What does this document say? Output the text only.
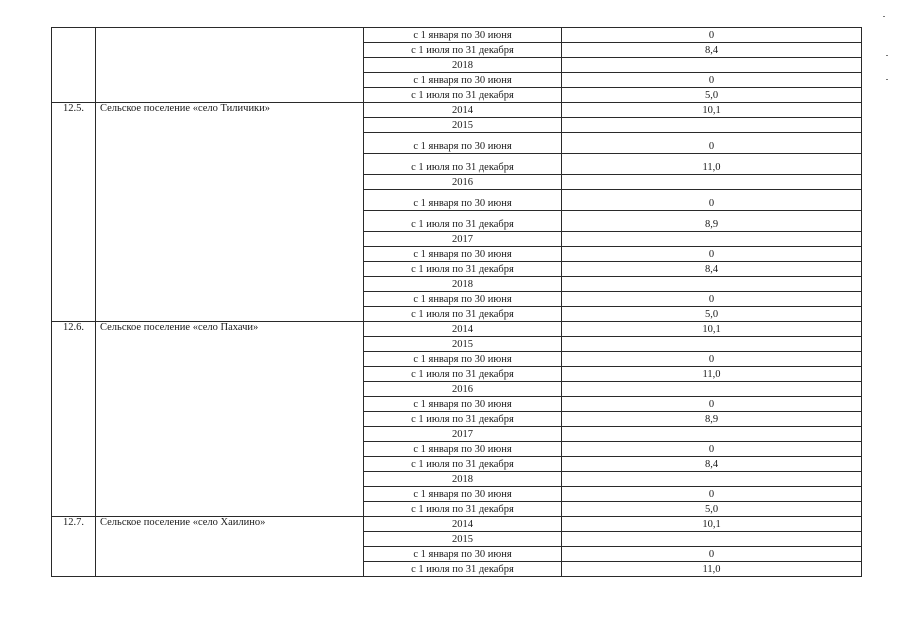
		с 1 января по 30 июня	0
		с 1 июля по 31 декабря	8,4
		2018	
		с 1 января по 30 июня	0
		с 1 июля по 31 декабря	5,0
12.5.	Сельское поселение «село Тиличики»	2014	10,1
		2015	
		с 1 января по 30 июня	0
		с 1 июля по 31 декабря	11,0
		2016	
		с 1 января по 30 июня	0
		с 1 июля по 31 декабря	8,9
		2017	
		с 1 января по 30 июня	0
		с 1 июля по 31 декабря	8,4
		2018	
		с 1 января по 30 июня	0
		с 1 июля по 31 декабря	5,0
12.6.	Сельское поселение «село Пахачи»	2014	10,1
		2015	
		с 1 января по 30 июня	0
		с 1 июля по 31 декабря	11,0
		2016	
		с 1 января по 30 июня	0
		с 1 июля по 31 декабря	8,9
		2017	
		с 1 января по 30 июня	0
		с 1 июля по 31 декабря	8,4
		2018	
		с 1 января по 30 июня	0
		с 1 июля по 31 декабря	5,0
12.7.	Сельское поселение «село Хаилино»	2014	10,1
		2015	
		с 1 января по 30 июня	0
		с 1 июля по 31 декабря	11,0
